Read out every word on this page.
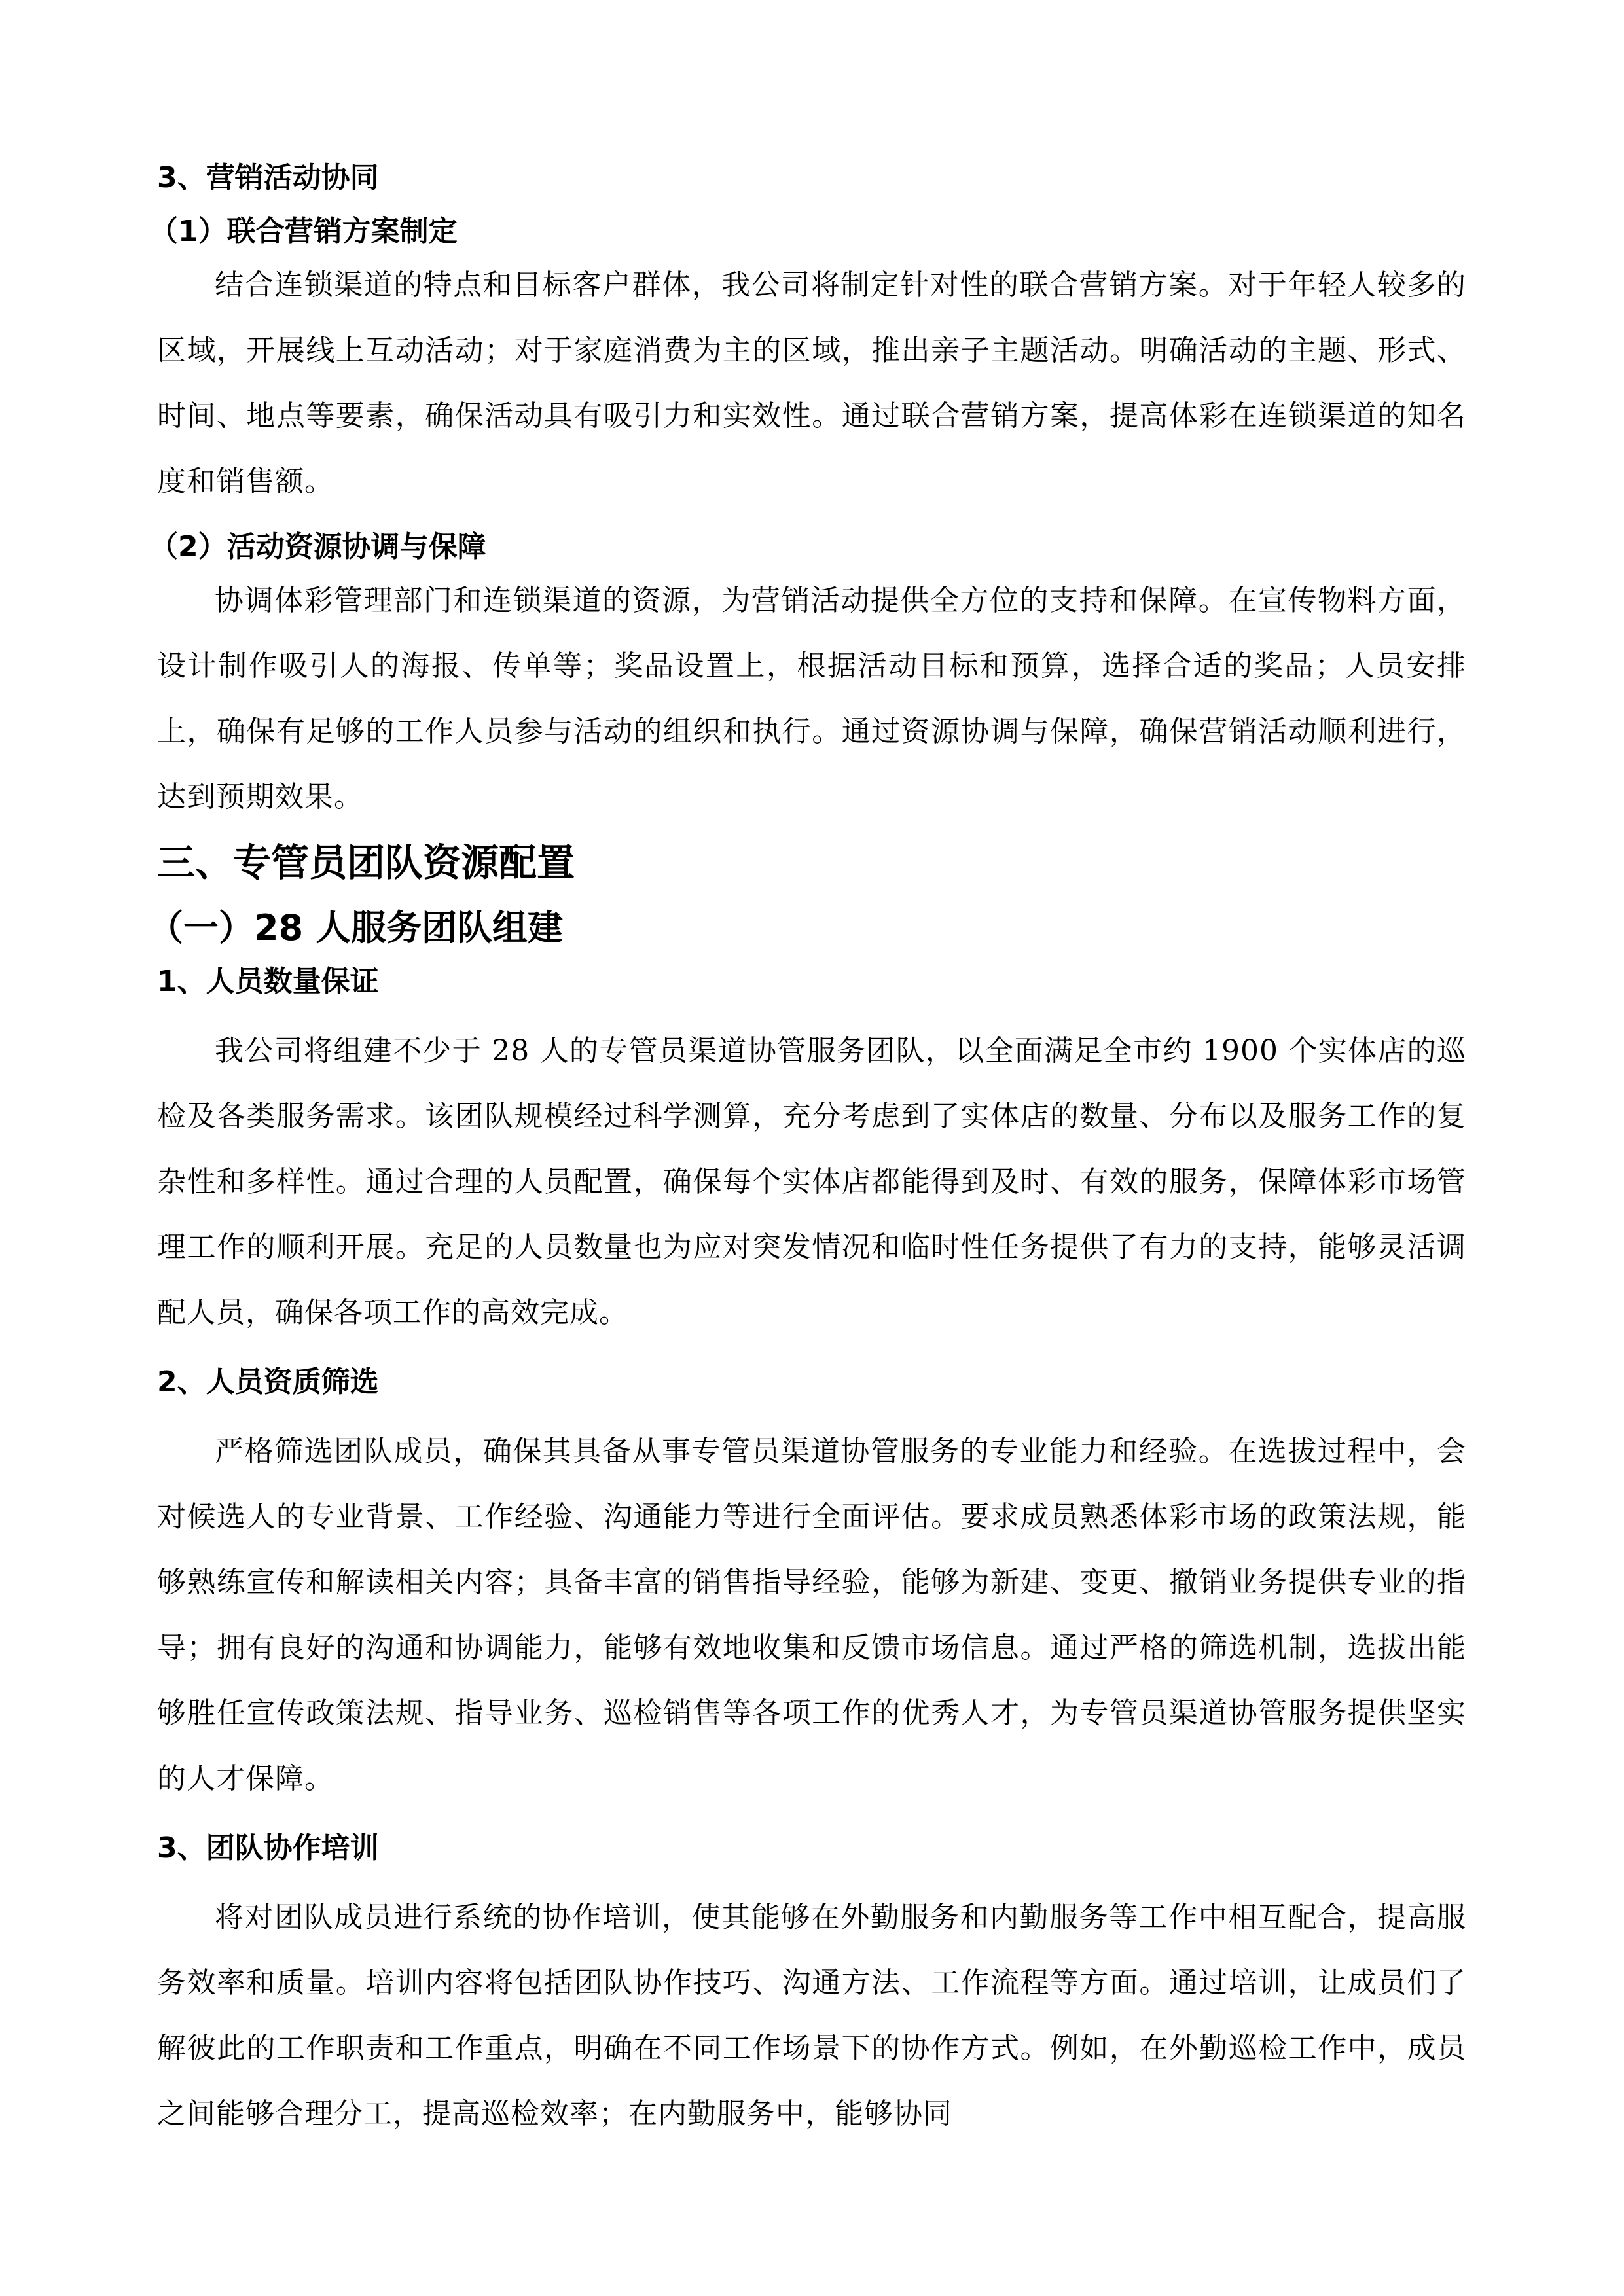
3、营销活动协同

（1）联合营销方案制定

结合连锁渠道的特点和目标客户群体，我公司将制定针对性的联合营销方案。对于年轻人较多的区域，开展线上互动活动；对于家庭消费为主的区域，推出亲子主题活动。明确活动的主题、形式、时间、地点等要素，确保活动具有吸引力和实效性。通过联合营销方案，提高体彩在连锁渠道的知名度和销售额。

（2）活动资源协调与保障

协调体彩管理部门和连锁渠道的资源，为营销活动提供全方位的支持和保障。在宣传物料方面，设计制作吸引人的海报、传单等；奖品设置上，根据活动目标和预算，选择合适的奖品；人员安排上，确保有足够的工作人员参与活动的组织和执行。通过资源协调与保障，确保营销活动顺利进行，达到预期效果。

三、专管员团队资源配置

（一）28 人服务团队组建

1、人员数量保证

我公司将组建不少于 28 人的专管员渠道协管服务团队，以全面满足全市约 1900 个实体店的巡检及各类服务需求。该团队规模经过科学测算，充分考虑到了实体店的数量、分布以及服务工作的复杂性和多样性。通过合理的人员配置，确保每个实体店都能得到及时、有效的服务，保障体彩市场管理工作的顺利开展。充足的人员数量也为应对突发情况和临时性任务提供了有力的支持，能够灵活调配人员，确保各项工作的高效完成。

2、人员资质筛选

严格筛选团队成员，确保其具备从事专管员渠道协管服务的专业能力和经验。在选拔过程中，会对候选人的专业背景、工作经验、沟通能力等进行全面评估。要求成员熟悉体彩市场的政策法规，能够熟练宣传和解读相关内容；具备丰富的销售指导经验，能够为新建、变更、撤销业务提供专业的指导；拥有良好的沟通和协调能力，能够有效地收集和反馈市场信息。通过严格的筛选机制，选拔出能够胜任宣传政策法规、指导业务、巡检销售等各项工作的优秀人才，为专管员渠道协管服务提供坚实的人才保障。

3、团队协作培训

将对团队成员进行系统的协作培训，使其能够在外勤服务和内勤服务等工作中相互配合，提高服务效率和质量。培训内容将包括团队协作技巧、沟通方法、工作流程等方面。通过培训，让成员们了解彼此的工作职责和工作重点，明确在不同工作场景下的协作方式。例如，在外勤巡检工作中，成员之间能够合理分工，提高巡检效率；在内勤服务中，能够协同
